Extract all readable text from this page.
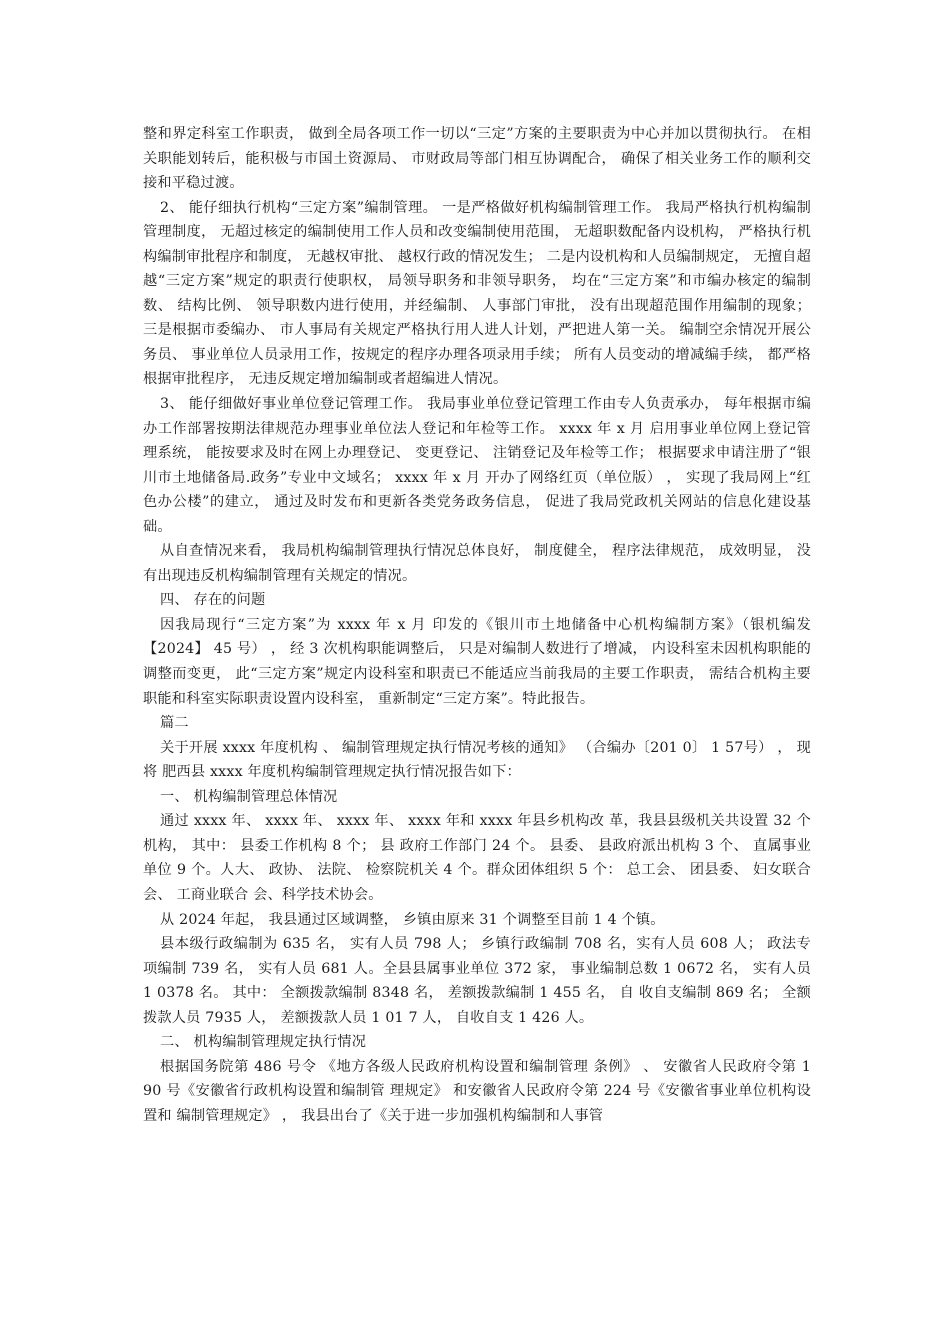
整和界定科室工作职责， 做到全局各项工作一切以“三定”方案的主要职责为中心并加以贯彻执行。 在相关职能划转后，能积极与市国土资源局、 市财政局等部门相互协调配合， 确保了相关业务工作的顺利交接和平稳过渡。

2、 能仔细执行机构“三定方案”编制管理。 一是严格做好机构编制管理工作。 我局严格执行机构编制管理制度， 无超过核定的编制使用工作人员和改变编制使用范围， 无超职数配备内设机构， 严格执行机构编制审批程序和制度， 无越权审批、 越权行政的情况发生； 二是内设机构和人员编制规定， 无擅自超越“三定方案”规定的职责行使职权， 局领导职务和非领导职务， 均在“三定方案”和市编办核定的编制数、 结构比例、 领导职数内进行使用，并经编制、 人事部门审批， 没有出现超范围作用编制的现象； 三是根据市委编办、 市人事局有关规定严格执行用人进人计划，严把进人第一关。 编制空余情况开展公务员、 事业单位人员录用工作，按规定的程序办理各项录用手续； 所有人员变动的增减编手续， 都严格根据审批程序， 无违反规定增加编制或者超编进人情况。

3、 能仔细做好事业单位登记管理工作。 我局事业单位登记管理工作由专人负责承办， 每年根据市编办工作部署按期法律规范办理事业单位法人登记和年检等工作。 xxxx 年 x 月 启用事业单位网上登记管理系统， 能按要求及时在网上办理登记、 变更登记、 注销登记及年检等工作； 根据要求申请注册了“银川市土地储备局.政务”专业中文域名； xxxx 年 x 月 开办了网络红页（单位版） ， 实现了我局网上“红色办公楼”的建立， 通过及时发布和更新各类党务政务信息， 促进了我局党政机关网站的信息化建设基础。

从自查情况来看， 我局机构编制管理执行情况总体良好， 制度健全， 程序法律规范， 成效明显， 没有出现违反机构编制管理有关规定的情况。

四、 存在的问题

因我局现行“三定方案”为 xxxx 年 x 月 印发的《银川市土地储备中心机构编制方案》（银机编发【2024】 45 号） ， 经 3 次机构职能调整后， 只是对编制人数进行了增减， 内设科室未因机构职能的调整而变更， 此“三定方案”规定内设科室和职责已不能适应当前我局的主要工作职责， 需结合机构主要职能和科室实际职责设置内设科室， 重新制定“三定方案”。特此报告。

篇二

关于开展 xxxx 年度机构 、 编制管理规定执行情况考核的通知》 （合编办〔201 0〕 1 57号） ， 现将 肥西县 xxxx 年度机构编制管理规定执行情况报告如下：

一、 机构编制管理总体情况

通过 xxxx 年、 xxxx 年、 xxxx 年、 xxxx 年和 xxxx 年县乡机构改 革，我县县级机关共设置 32 个机构， 其中： 县委工作机构 8 个； 县 政府工作部门 24 个。 县委、 县政府派出机构 3 个、 直属事业单位 9 个。人大、 政协、 法院、 检察院机关 4 个。群众团体组织 5 个： 总工会、 团县委、 妇女联合会、 工商业联合 会、科学技术协会。

从 2024 年起， 我县通过区域调整， 乡镇由原来 31 个调整至目前 1 4 个镇。

县本级行政编制为 635 名， 实有人员 798 人； 乡镇行政编制 708 名，实有人员 608 人； 政法专项编制 739 名， 实有人员 681 人。全县县属事业单位 372 家， 事业编制总数 1 0672 名， 实有人员 1 0378 名。 其中： 全额拨款编制 8348 名， 差额拨款编制 1 455 名， 自 收自支编制 869 名； 全额拨款人员 7935 人， 差额拨款人员 1 01 7 人， 自收自支 1 426 人。

二、 机构编制管理规定执行情况

根据国务院第 486 号令 《地方各级人民政府机构设置和编制管理 条例》 、 安徽省人民政府令第 1 90 号《安徽省行政机构设置和编制管 理规定》 和安徽省人民政府令第 224 号《安徽省事业单位机构设置和 编制管理规定》 ， 我县出台了《关于进一步加强机构编制和人事管
